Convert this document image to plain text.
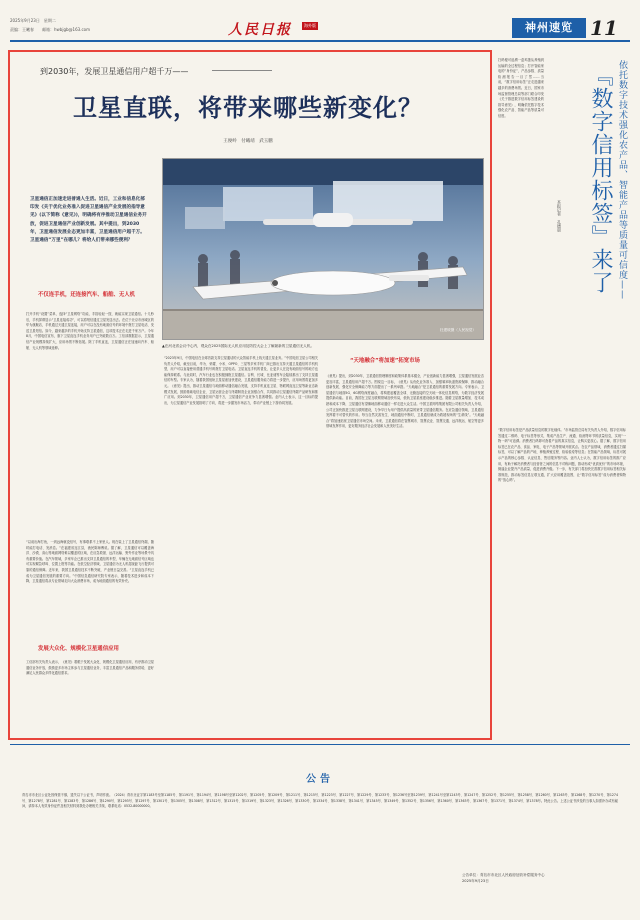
2025年9月23日　星期二
责编：王曦春　　邮箱：hwbjgb@163.com	人民日报	海外版	神州速览 11
到2030年，发展卫星通信用户超千万——
卫星直联，将带来哪些新变化？
王俊岭　付曦靖　武玉鹏
卫星通信正加速走进普通人生活。近日，工业和信息化部印发《关于优化业务准入促进卫星通信产业发展的指导意见》(以下简称《意见》)，明确将有序推动卫星通信业务开放，促进卫星通信产业创新发展。其中提出，到2030年，卫星通信发展业态更加丰富，卫星通信用户超千万。卫星通信“万里”在哪儿？将给人们带来哪些便利？
杜建坡摄（人民视觉）
▲在河北省会议中心内，观众在2025国际无人机应用及防控大会上了解最新的卫星通信无人机。
不仅连手机，还连接汽车、船舶、无人机
打开手机“设置”菜单，选择“卫星网络”功能，手指轻轻一按，就能实现卫星通信。十几秒后，手机屏幕显示“卫星连接成功”，可以将短信通过卫星发送出去。在位于北京市西城区的华为旗舰店，手机通过天通卫星连接，用户可以在没有地面信号的环境中拨打卫星电话、发送卫星短信。如今，越来越多的手机开始支持卫星通信，这项技术正在走进千家万户。今年8月，中国电信宣布，旗下卫星直连手机业务用户已突破数百万。工信部数据显示，卫星通信产业规模持续扩大，应用场景不断拓展。除了手机直连，卫星通信正在加速向汽车、船舶、无人机等领域延伸。
“以前出海打鱼，一到远海就没信号，有事联系不上家里人。现在装上了卫星通信终端，随时能打电话、发消息。”在福建省连江县，渔民陈师傅说。据了解，卫星通信可以覆盖海洋、沙漠、高山等地面网络难以覆盖的区域，在应急救援、远洋运输、野外作业等场景中具有重要价值。在汽车领域，多家车企已推出支持卫星通信的车型，车辆在无地面信号区域也可实现紧急呼叫、位置上报等功能。在低空经济领域，卫星通信为无人机超视距飞行提供可靠的通信保障。近年来，我国卫星通信技术不断突破，产业链日益完善。“卫星直连手机已成为卫星通信发展的重要方向。”中国信息通信研究院专家表示，随着技术进步和成本下降，卫星通信将从专业领域走向大众消费市场，成为地面通信的有效补充。
发展大众化、规模化卫星通信应用
工信部有关负责人表示，《意见》着眼于发展大众化、规模化卫星通信应用，有序推动卫星通信业务开放，鼓励更多市场主体参与卫星通信业务，丰富卫星通信产品和服务供给，更好满足人民群众多样化通信需求。
“2023年9月，中国电信在全球首款支持卫星通话的大众智能手机上线天通卫星业务。”中国电信卫星公司相关负责人介绍，截至目前，华为、荣耀、小米、OPPO、三星等多家手机厂商已推出支持天通卫星通信的手机机型，用户可以直接使用普通手机号码拨打卫星电话。卫星直连手机的普及，让更多人在没有地面信号的地方也能保持联系。与此同时，汽车行业也在积极拥抱卫星通信。吉利、长城、比亚迪等车企陆续推出了支持卫星通信的车型。专家认为，随着我国低轨卫星星座加快建设，卫星通信服务能力将进一步提升，应用场景将更加多元。《意见》提出，推动卫星通信与地面移动通信融合发展，支持手机直连卫星、物联网直连卫星等新业态新模式发展，鼓励基础电信企业、卫星运营企业与终端制造企业加强合作，共同推动卫星通信终端产品研发和推广应用。到2030年，卫星通信用户超千万，卫星通信产业竞争力显著增强。业内人士表示，这一目标的提出，为卫星通信产业发展指明了方向，将进一步激发市场活力，带动产业链上下游协同发展。
“天地融合”将加速”拓宽市场
《意见》提出，到2030年，卫星通信管理制度和政策体系基本健全，产业创新能力显著增强，卫星通信发展业态更加丰富，卫星通信用户超千万。围绕这一目标，《意见》从优化业务准入、加强频率轨道资源保障、推动融合创新发展、强化安全保障能力等方面提出了一系列举措。“天地融合”是卫星通信的重要发展方向。专家表示，卫星通信与地面5G、6G网络深度融合，将构建起覆盖全球、无缝连接的空天地一体化信息网络，为数字经济发展提供新动能。目前，我国在卫星互联网领域加快布局，低轨卫星星座建设稳步推进。随着卫星数量增加、技术成熟和成本下降，卫星通信有望像地面移动通信一样走进大众生活。中国卫星网络集团有限公司相关负责人介绍，公司正加快推进卫星互联网建设，力争早日为用户提供高质量的宽带卫星通信服务。在应急通信领域，卫星通信发挥着不可替代的作用。每当自然灾害发生、地面通信中断时，卫星通信就成为救援现场的“生命线”。“天地融合”将加速拓宽卫星通信市场空间。未来，卫星通信将在智慧城市、智慧农业、智慧交通、远洋航运、航空等更多领域发挥作用，更好服务经济社会发展和人民美好生活。
扫码便可追溯一盒鸡蛋从养殖到运输的全过程信息；打开智能家电的“身份证”，产品参数、质量检测报告一目了然……当前，“数字信用标签”正走进越来越多的消费场景。近日，国家市场监督管理总局等部门联合印发《关于推进数字信用标签建设的指导意见》，明确依托数字技术强化农产品、智能产品等质量可信度。	依托数字技术强化农产品、智能产品等质量可信度——
『数字信用标签』来了
本报记者　孔德晨
“数字信用标签是产品质量信息的数字化载体。”市场监管总局有关负责人介绍，数字信用标签通过二维码、电子标签等形式，集成产品生产、流通、检测等环节的质量信息，实现“一物一码”可追溯。消费者扫码即可查看产品的真实信息，让购买更放心。据了解，数字信用标签已在农产品、食品、家电、电子产品等领域开展试点。在农产品领域，消费者通过扫描标签，可以了解产品的产地、种植养殖过程、检验检疫等信息；在智能产品领域，标签可展示产品的核心参数、认证信息、售后服务等内容。业内人士认为，数字信用标签的推广应用，有助于解决消费者与经营者之间的信息不对称问题，推动形成“优质优价”的市场环境，倒逼企业提升产品质量，促进消费升级。下一步，有关部门将加快完善数字信用标签相关标准规范，推动标签信息互联互通，扩大应用覆盖范围，让“数字信用标签”成为消费者购物的“放心码”。
公告
青岛市市北区公证处因保管不慎，遗失以下公证书，声明作废。（2024）青市北证字第1183号至第1185号、第1191号、第1194号、第1198号至第1202号、第1205号、第1209号、第1211号、第1215号、第1223号、第1227号、第1229号、第1233号、第1236号至第1239号、第1241号至第1243号、第1247号、第1252号、第1255号、第1258号、第1260号、第1263号、第1268号、第1270号、第1274号、第1278号、第1281号、第1283号、第1286号、第1290号、第1293号、第1297号、第1301号、第1305号、第1308号、第1312号、第1315号、第1319号、第1323号、第1326号、第1330号、第1334号、第1338号、第1341号、第1345号、第1349号、第1352号、第1356号、第1360号、第1363号、第1367号、第1371号、第1374号、第1378号。特此公告。上述公证书涉及的当事人如需补办或有疑问，请持本人有效身份证件及相关材料到我处办理相关手续，联系电话：0532-80000000。
公告单位：青岛市市北区人民政府征收补偿服务中心
2025年9月23日
